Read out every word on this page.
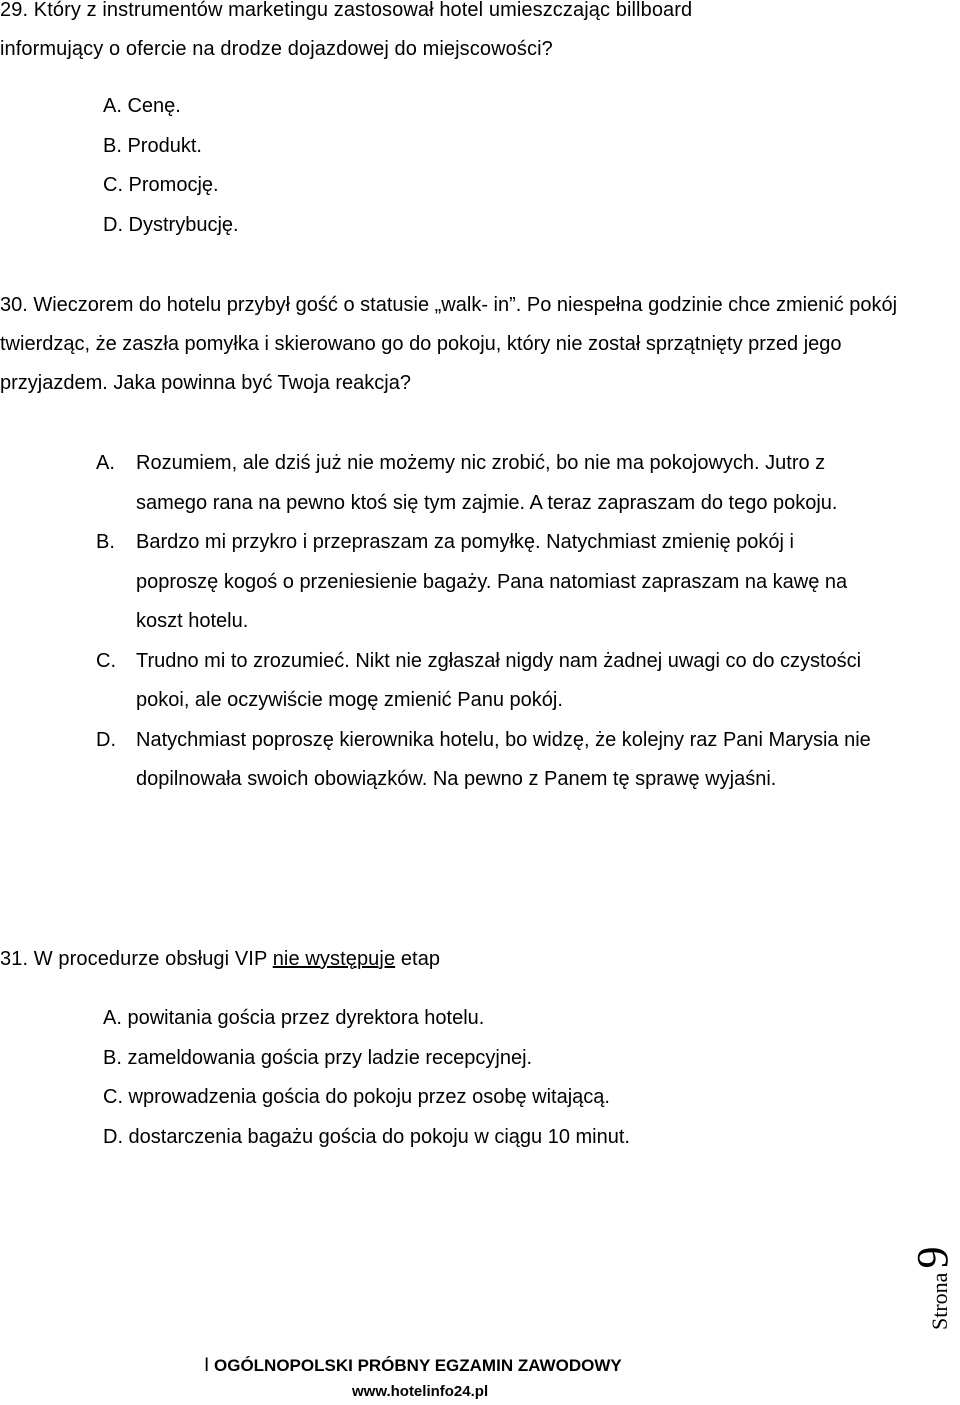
29. Który z instrumentów marketingu zastosował hotel umieszczając billboard
informujący o ofercie na drodze dojazdowej do miejscowości?
A. Cenę.
B. Produkt.
C. Promocję.
D. Dystrybucję.
30. Wieczorem do hotelu przybył gość o statusie „walk- in”. Po niespełna godzinie chce zmienić pokój twierdząc, że zaszła pomyłka i skierowano go do pokoju, który nie został sprzątnięty przed jego przyjazdem. Jaka powinna być Twoja reakcja?
A. Rozumiem, ale dziś już nie możemy nic zrobić, bo nie ma pokojowych. Jutro z samego rana na pewno ktoś się tym zajmie. A teraz zapraszam do tego pokoju.
B. Bardzo mi przykro i przepraszam za pomyłkę. Natychmiast zmienię pokój i poproszę kogoś o przeniesienie bagaży. Pana natomiast zapraszam na kawę na koszt hotelu.
C. Trudno mi to zrozumieć. Nikt nie zgłaszał nigdy nam żadnej uwagi co do czystości pokoi, ale oczywiście mogę zmienić Panu pokój.
D. Natychmiast poproszę kierownika hotelu, bo widzę, że kolejny raz Pani Marysia nie dopilnowała swoich obowiązków. Na pewno z Panem tę sprawę wyjaśni.
31. W procedurze obsługi VIP nie występuje etap
A. powitania gościa przez dyrektora hotelu.
B. zameldowania gościa przy ladzie recepcyjnej.
C. wprowadzenia gościa do pokoju przez osobę witającą.
D. dostarczenia bagażu gościa do pokoju w ciągu 10 minut.
Strona9
I OGÓLNOPOLSKI PRÓBNY EGZAMIN ZAWODOWY
www.hotelinfo24.pl
